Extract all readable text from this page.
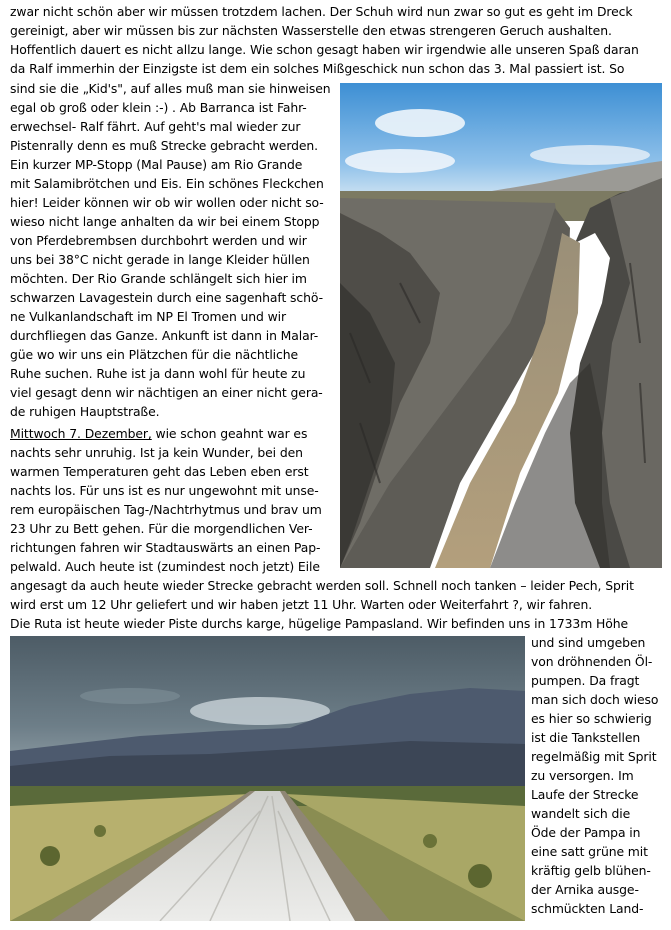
zwar nicht schön aber wir müssen trotzdem lachen. Der Schuh wird nun zwar so gut es geht im Dreck
gereinigt, aber wir müssen bis zur nächsten Wasserstelle den etwas strengeren Geruch aushalten.
Hoffentlich dauert es nicht allzu lange. Wie schon gesagt haben wir irgendwie alle unseren Spaß daran
da Ralf immerhin der Einzigste ist dem ein solches Mißgeschick nun schon das 3. Mal passiert ist. So
sind sie die „Kid's", auf alles muß man sie hinweisen
egal ob groß oder klein :-) . Ab Barranca ist Fahr-
erwechsel- Ralf fährt. Auf geht's mal wieder zur
Pistenrally denn es muß Strecke gebracht werden.
Ein kurzer MP-Stopp (Mal Pause) am Rio Grande
mit Salamibrötchen und Eis. Ein schönes Fleckchen
hier! Leider können wir ob wir wollen oder nicht so-
wieso nicht lange anhalten da wir bei einem Stopp
von Pferdebrembsen durchbohrt werden und wir
uns bei 38°C nicht gerade in lange Kleider hüllen
möchten. Der Rio Grande schlängelt sich hier im
schwarzen Lavagestein durch eine sagenhaft schö-
ne Vulkanlandschaft im NP El Tromen und wir
durchfliegen das Ganze. Ankunft ist dann in Malar-
güe wo wir uns ein Plätzchen für die nächtliche
Ruhe suchen. Ruhe ist ja dann wohl für heute zu
viel gesagt denn wir nächtigen an einer nicht gera-
de ruhigen Hauptstraße.
Mittwoch 7. Dezember, wie schon geahnt war es
nachts sehr unruhig. Ist ja kein Wunder, bei den
warmen Temperaturen geht das Leben eben erst
nachts los. Für uns ist es nur ungewohnt mit unse-
rem europäischen Tag-/Nachtrhytmus und brav um
23 Uhr zu Bett gehen. Für die morgendlichen Ver-
richtungen fahren wir Stadtauswärts an einen Pap-
pelwald. Auch heute ist (zumindest noch jetzt) Eile
angesagt da auch heute wieder Strecke gebracht werden soll. Schnell noch tanken – leider Pech, Sprit
wird erst um 12 Uhr geliefert und wir haben jetzt 11 Uhr. Warten oder Weiterfahrt ?, wir fahren.
Die Ruta ist heute wieder Piste durchs karge, hügelige Pampasland. Wir befinden uns in 1733m Höhe
und sind umgeben
von dröhnenden Öl-
pumpen. Da fragt
man sich doch wieso
es hier so schwierig
ist die Tankstellen
regelmäßig mit Sprit
zu versorgen. Im
Laufe der Strecke
wandelt sich die
Öde der Pampa in
eine satt grüne mit
kräftig gelb blühen-
der Arnika ausge-
schmückten Land-
